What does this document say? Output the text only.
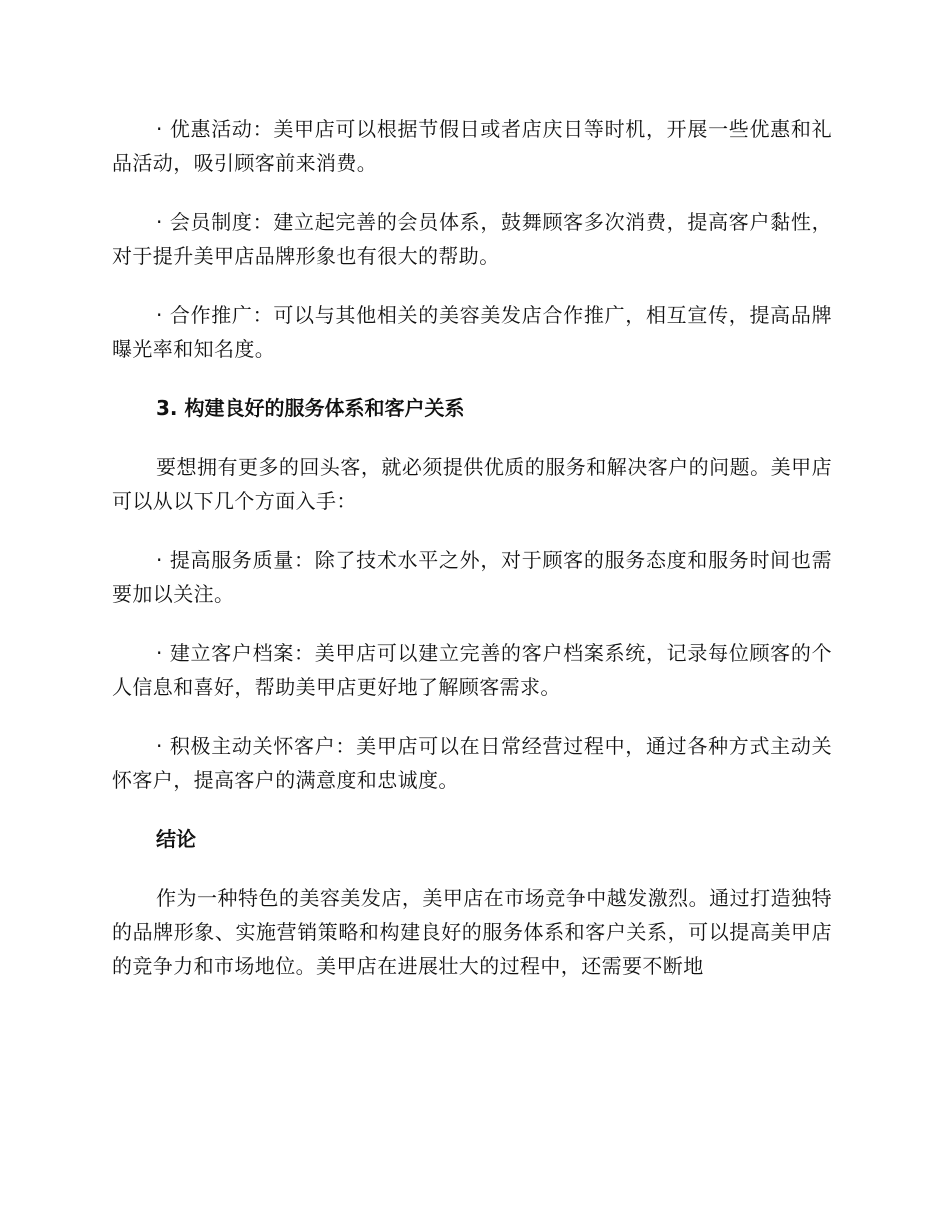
· 优惠活动：美甲店可以根据节假日或者店庆日等时机，开展一些优惠和礼品活动，吸引顾客前来消费。

· 会员制度：建立起完善的会员体系，鼓舞顾客多次消费，提高客户黏性，对于提升美甲店品牌形象也有很大的帮助。

· 合作推广：可以与其他相关的美容美发店合作推广，相互宣传，提高品牌曝光率和知名度。

3. 构建良好的服务体系和客户关系

要想拥有更多的回头客，就必须提供优质的服务和解决客户的问题。美甲店可以从以下几个方面入手：

· 提高服务质量：除了技术水平之外，对于顾客的服务态度和服务时间也需要加以关注。

· 建立客户档案：美甲店可以建立完善的客户档案系统，记录每位顾客的个人信息和喜好，帮助美甲店更好地了解顾客需求。

· 积极主动关怀客户：美甲店可以在日常经营过程中，通过各种方式主动关怀客户，提高客户的满意度和忠诚度。

结论

作为一种特色的美容美发店，美甲店在市场竞争中越发激烈。通过打造独特的品牌形象、实施营销策略和构建良好的服务体系和客户关系，可以提高美甲店的竞争力和市场地位。美甲店在进展壮大的过程中，还需要不断地
